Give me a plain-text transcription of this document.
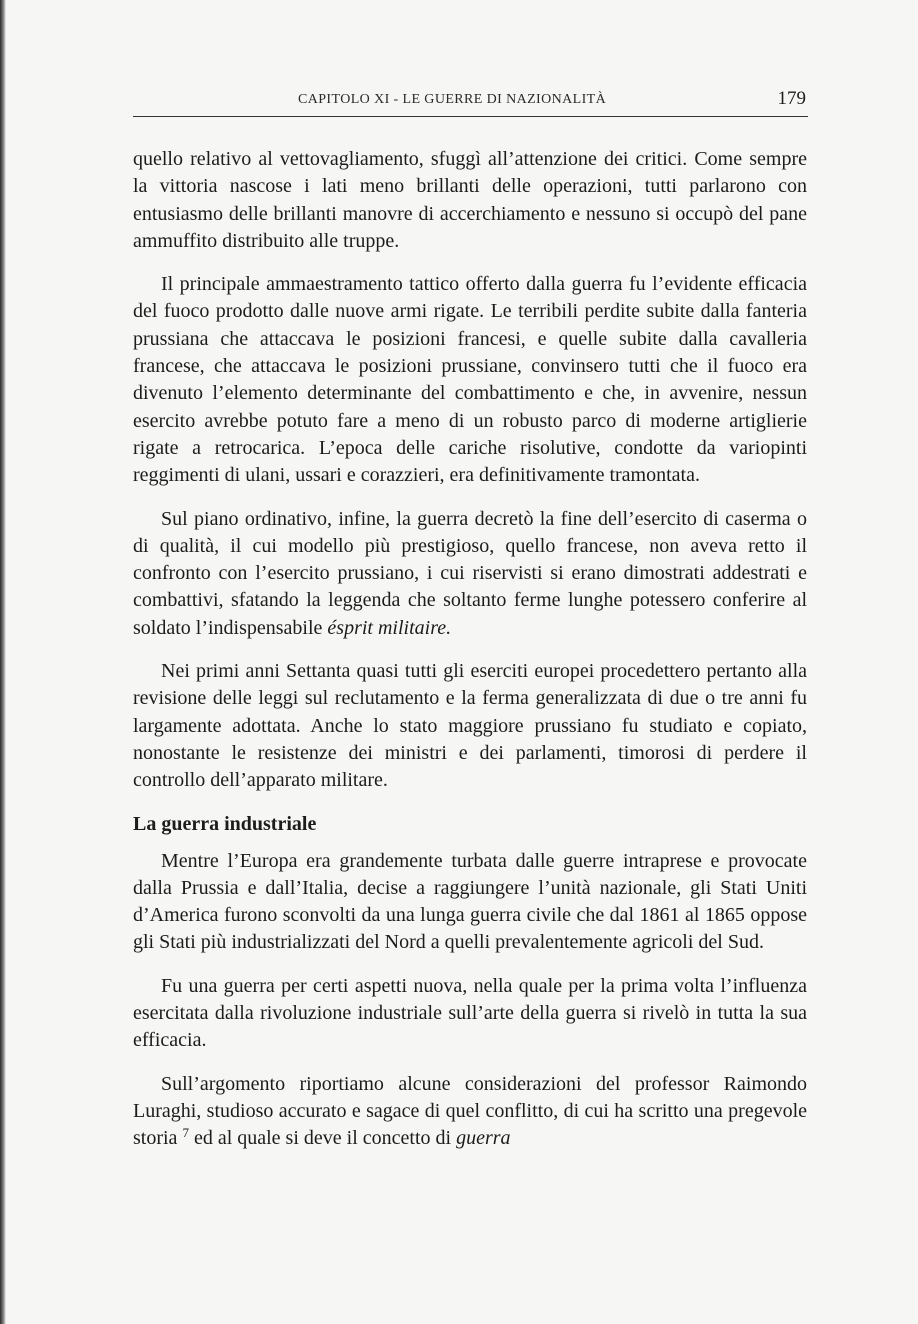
CAPITOLO XI - LE GUERRE DI NAZIONALITÀ	179

quello relativo al vettovagliamento, sfuggì all’attenzione dei critici. Come sempre la vittoria nascose i lati meno brillanti delle operazioni, tutti parlarono con entusiasmo delle brillanti manovre di accerchiamento e nessuno si occupò del pane ammuffito distribuito alle truppe.

Il principale ammaestramento tattico offerto dalla guerra fu l’evidente efficacia del fuoco prodotto dalle nuove armi rigate. Le terribili perdite subite dalla fanteria prussiana che attaccava le posizioni francesi, e quelle subite dalla cavalleria francese, che attaccava le posizioni prussiane, convinsero tutti che il fuoco era divenuto l’elemento determinante del combattimento e che, in avvenire, nessun esercito avrebbe potuto fare a meno di un robusto parco di moderne artiglierie rigate a retrocarica. L’epoca delle cariche risolutive, condotte da variopinti reggimenti di ulani, ussari e corazzieri, era definitivamente tramontata.

Sul piano ordinativo, infine, la guerra decretò la fine dell’esercito di caserma o di qualità, il cui modello più prestigioso, quello francese, non aveva retto il confronto con l’esercito prussiano, i cui riservisti si erano dimostrati addestrati e combattivi, sfatando la leggenda che soltanto ferme lunghe potessero conferire al soldato l’indispensabile ésprit militaire.

Nei primi anni Settanta quasi tutti gli eserciti europei procedettero pertanto alla revisione delle leggi sul reclutamento e la ferma generalizzata di due o tre anni fu largamente adottata. Anche lo stato maggiore prussiano fu studiato e copiato, nonostante le resistenze dei ministri e dei parlamenti, timorosi di perdere il controllo dell’apparato militare.

La guerra industriale

Mentre l’Europa era grandemente turbata dalle guerre intraprese e provocate dalla Prussia e dall’Italia, decise a raggiungere l’unità nazionale, gli Stati Uniti d’America furono sconvolti da una lunga guerra civile che dal 1861 al 1865 oppose gli Stati più industrializzati del Nord a quelli prevalentemente agricoli del Sud.

Fu una guerra per certi aspetti nuova, nella quale per la prima volta l’influenza esercitata dalla rivoluzione industriale sull’arte della guerra si rivelò in tutta la sua efficacia.

Sull’argomento riportiamo alcune considerazioni del professor Raimondo Luraghi, studioso accurato e sagace di quel conflitto, di cui ha scritto una pregevole storia $^7$ ed al quale si deve il concetto di guerra
